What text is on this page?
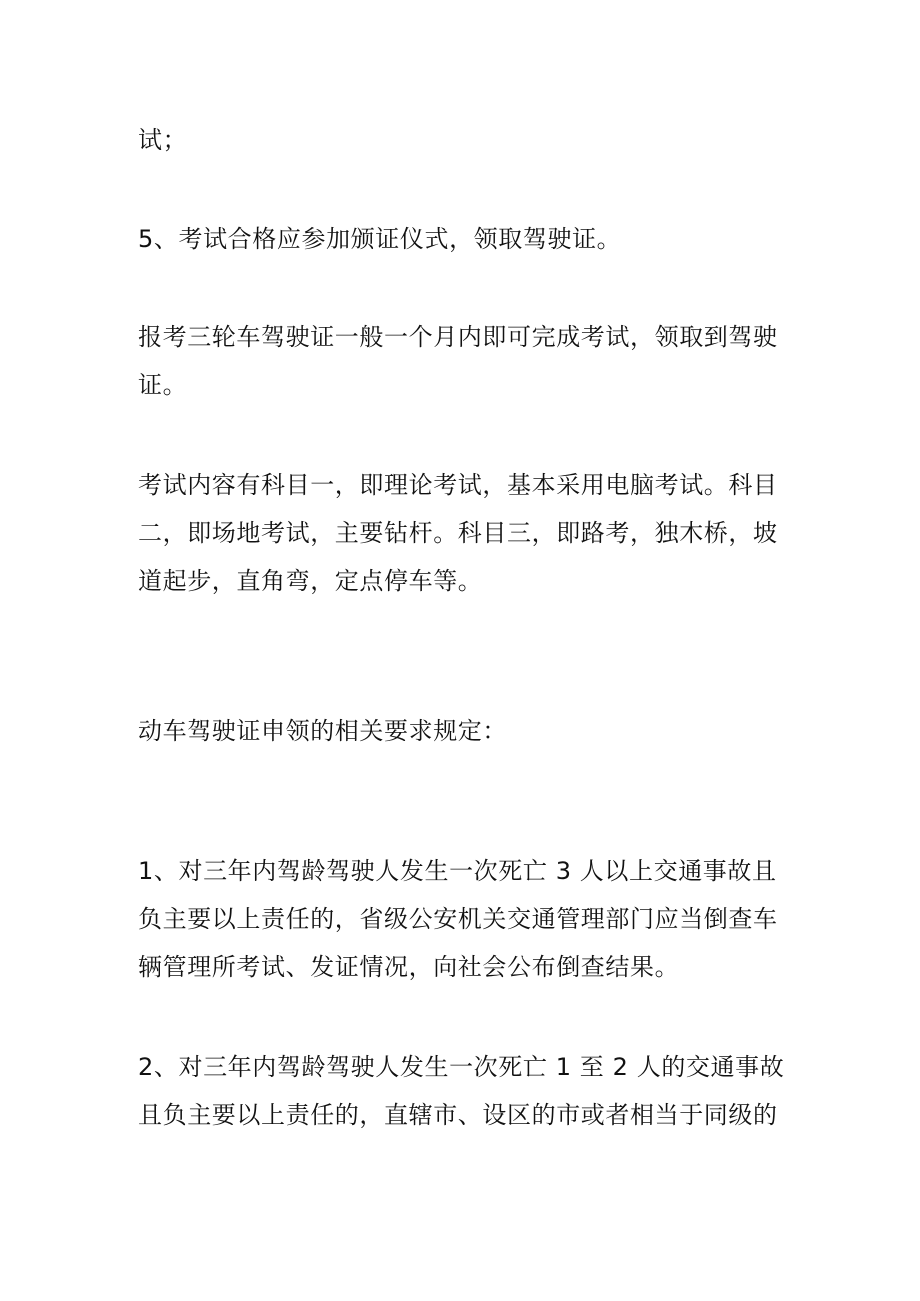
试；

5、考试合格应参加颁证仪式，领取驾驶证。

报考三轮车驾驶证一般一个月内即可完成考试，领取到驾驶
证。

考试内容有科目一，即理论考试，基本采用电脑考试。科目
二，即场地考试，主要钻杆。科目三，即路考，独木桥，坡
道起步，直角弯，定点停车等。

动车驾驶证申领的相关要求规定：

1、对三年内驾龄驾驶人发生一次死亡 3 人以上交通事故且
负主要以上责任的，省级公安机关交通管理部门应当倒查车
辆管理所考试、发证情况，向社会公布倒查结果。

2、对三年内驾龄驾驶人发生一次死亡 1 至 2 人的交通事故
且负主要以上责任的，直辖市、设区的市或者相当于同级的
